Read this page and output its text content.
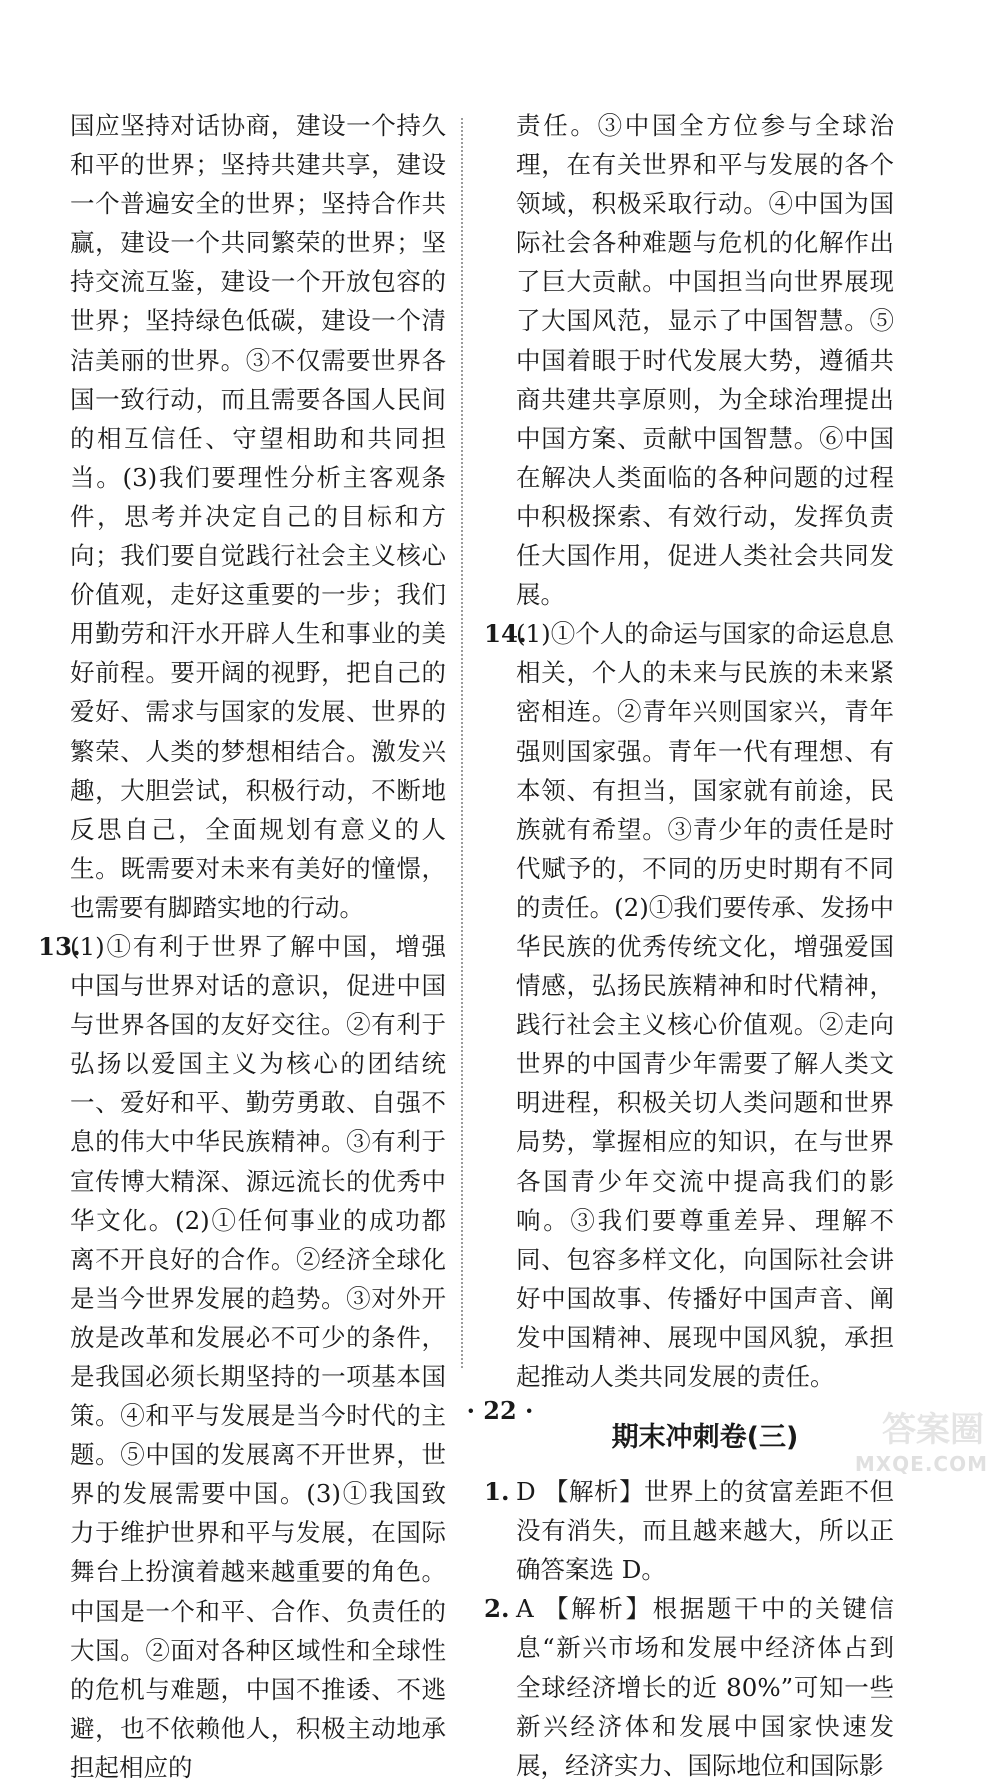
国应坚持对话协商，建设一个持久和平的世界；坚持共建共享，建设一个普遍安全的世界；坚持合作共赢，建设一个共同繁荣的世界；坚持交流互鉴，建设一个开放包容的世界；坚持绿色低碳，建设一个清洁美丽的世界。③不仅需要世界各国一致行动，而且需要各国人民间的相互信任、守望相助和共同担当。(3)我们要理性分析主客观条件，思考并决定自己的目标和方向；我们要自觉践行社会主义核心价值观，走好这重要的一步；我们用勤劳和汗水开辟人生和事业的美好前程。要开阔的视野，把自己的爱好、需求与国家的发展、世界的繁荣、人类的梦想相结合。激发兴趣，大胆尝试，积极行动，不断地反思自己，全面规划有意义的人生。既需要对未来有美好的憧憬，也需要有脚踏实地的行动。

13.
(1)①有利于世界了解中国，增强中国与世界对话的意识，促进中国与世界各国的友好交往。②有利于弘扬以爱国主义为核心的团结统一、爱好和平、勤劳勇敢、自强不息的伟大中华民族精神。③有利于宣传博大精深、源远流长的优秀中华文化。(2)①任何事业的成功都离不开良好的合作。②经济全球化是当今世界发展的趋势。③对外开放是改革和发展必不可少的条件，是我国必须长期坚持的一项基本国策。④和平与发展是当今时代的主题。⑤中国的发展离不开世界，世界的发展需要中国。(3)①我国致力于维护世界和平与发展，在国际舞台上扮演着越来越重要的角色。中国是一个和平、合作、负责任的大国。②面对各种区域性和全球性的危机与难题，中国不推诿、不逃避，也不依赖他人，积极主动地承担起相应的

责任。③中国全方位参与全球治理，在有关世界和平与发展的各个领域，积极采取行动。④中国为国际社会各种难题与危机的化解作出了巨大贡献。中国担当向世界展现了大国风范，显示了中国智慧。⑤中国着眼于时代发展大势，遵循共商共建共享原则，为全球治理提出中国方案、贡献中国智慧。⑥中国在解决人类面临的各种问题的过程中积极探索、有效行动，发挥负责任大国作用，促进人类社会共同发展。

14.
(1)①个人的命运与国家的命运息息相关，个人的未来与民族的未来紧密相连。②青年兴则国家兴，青年强则国家强。青年一代有理想、有本领、有担当，国家就有前途，民族就有希望。③青少年的责任是时代赋予的，不同的历史时期有不同的责任。(2)①我们要传承、发扬中华民族的优秀传统文化，增强爱国情感，弘扬民族精神和时代精神，践行社会主义核心价值观。②走向世界的中国青少年需要了解人类文明进程，积极关切人类问题和世界局势，掌握相应的知识，在与世界各国青少年交流中提高我们的影响。③我们要尊重差异、理解不同、包容多样文化，向国际社会讲好中国故事、传播好中国声音、阐发中国精神、展现中国风貌，承担起推动人类共同发展的责任。
期末冲刺卷(三)
1. D 【解析】世界上的贫富差距不但没有消失，而且越来越大，所以正确答案选 D。
2. A 【解析】根据题干中的关键信息“新兴市场和发展中经济体占到全球经济增长的近 80%”可知一些新兴经济体和发展中国家快速发展，经济实力、国际地位和国际影
· 22 ·	答案圈
MXQE.COM
